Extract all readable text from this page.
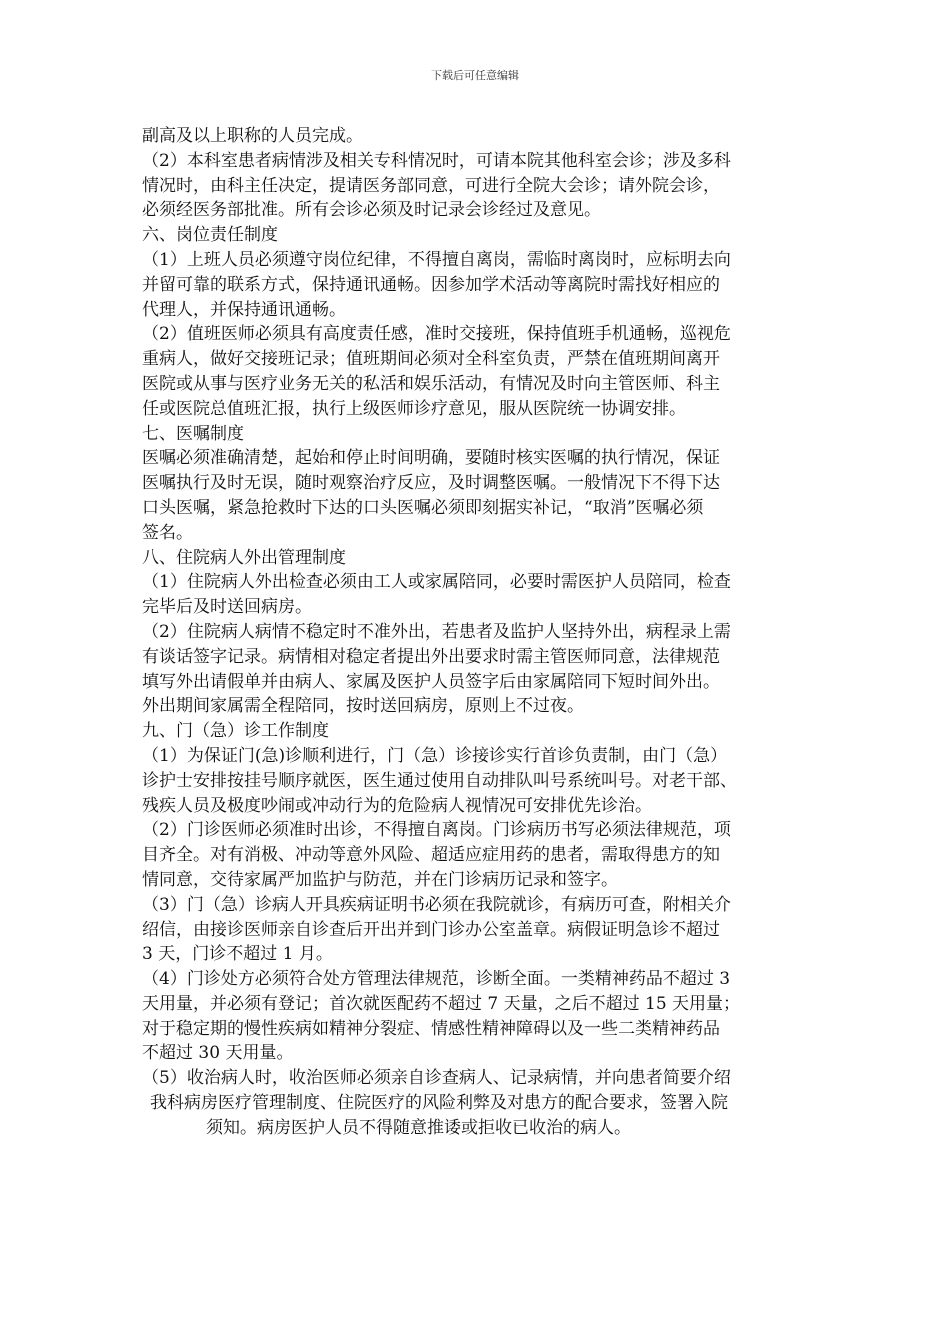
下载后可任意编辑
副高及以上职称的人员完成。
（2）本科室患者病情涉及相关专科情况时，可请本院其他科室会诊；涉及多科
情况时，由科主任决定，提请医务部同意，可进行全院大会诊；请外院会诊，
必须经医务部批准。所有会诊必须及时记录会诊经过及意见。
六、岗位责任制度
（1）上班人员必须遵守岗位纪律，不得擅自离岗，需临时离岗时，应标明去向
并留可靠的联系方式，保持通讯通畅。因参加学术活动等离院时需找好相应的
代理人，并保持通讯通畅。
（2）值班医师必须具有高度责任感，准时交接班，保持值班手机通畅，巡视危
重病人，做好交接班记录；值班期间必须对全科室负责，严禁在值班期间离开
医院或从事与医疗业务无关的私活和娱乐活动，有情况及时向主管医师、科主
任或医院总值班汇报，执行上级医师诊疗意见，服从医院统一协调安排。
七、医嘱制度
医嘱必须准确清楚，起始和停止时间明确，要随时核实医嘱的执行情况，保证
医嘱执行及时无误，随时观察治疗反应，及时调整医嘱。一般情况下不得下达
口头医嘱，紧急抢救时下达的口头医嘱必须即刻据实补记，“取消”医嘱必须
签名。
八、住院病人外出管理制度
（1）住院病人外出检查必须由工人或家属陪同，必要时需医护人员陪同，检查
完毕后及时送回病房。
（2）住院病人病情不稳定时不准外出，若患者及监护人坚持外出，病程录上需
有谈话签字记录。病情相对稳定者提出外出要求时需主管医师同意，法律规范
填写外出请假单并由病人、家属及医护人员签字后由家属陪同下短时间外出。
外出期间家属需全程陪同，按时送回病房，原则上不过夜。
九、门（急）诊工作制度
（1）为保证门(急)诊顺利进行，门（急）诊接诊实行首诊负责制，由门（急）
诊护士安排按挂号顺序就医，医生通过使用自动排队叫号系统叫号。对老干部、
残疾人员及极度吵闹或冲动行为的危险病人视情况可安排优先诊治。
（2）门诊医师必须准时出诊，不得擅自离岗。门诊病历书写必须法律规范，项
目齐全。对有消极、冲动等意外风险、超适应症用药的患者，需取得患方的知
情同意，交待家属严加监护与防范，并在门诊病历记录和签字。
（3）门（急）诊病人开具疾病证明书必须在我院就诊，有病历可查，附相关介
绍信，由接诊医师亲自诊查后开出并到门诊办公室盖章。病假证明急诊不超过
3 天，门诊不超过 1 月。
（4）门诊处方必须符合处方管理法律规范，诊断全面。一类精神药品不超过 3
天用量，并必须有登记；首次就医配药不超过 7 天量，之后不超过 15 天用量；
对于稳定期的慢性疾病如精神分裂症、情感性精神障碍以及一些二类精神药品
不超过 30 天用量。
（5）收治病人时，收治医师必须亲自诊查病人、记录病情，并向患者简要介绍
我科病房医疗管理制度、住院医疗的风险利弊及对患方的配合要求，签署入院
须知。病房医护人员不得随意推诿或拒收已收治的病人。
